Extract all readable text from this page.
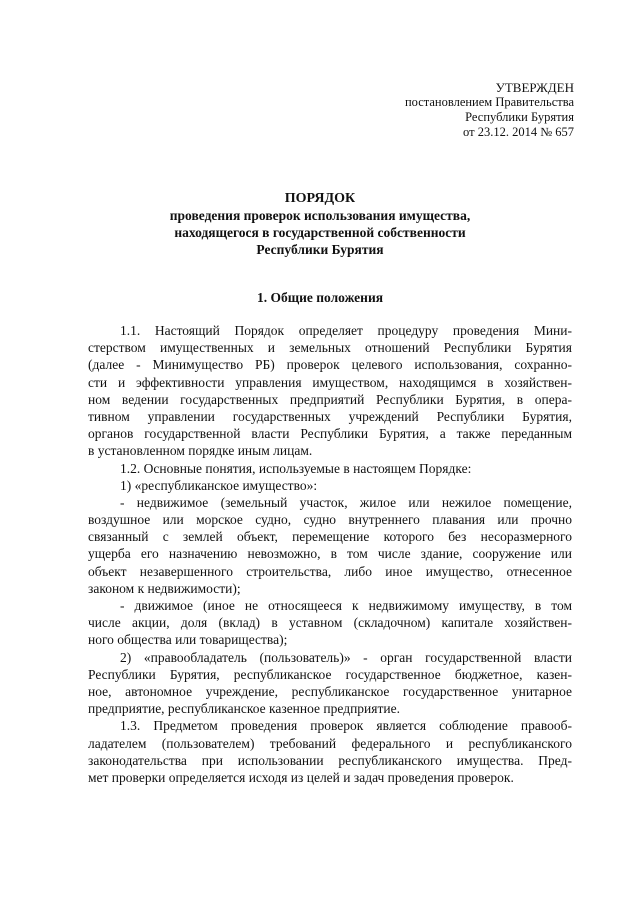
УТВЕРЖДЕН
постановлением Правительства
Республики Бурятия
от 23.12. 2014 № 657
ПОРЯДОК
проведения проверок использования имущества,
находящегося в государственной собственности
Республики Бурятия
1. Общие положения
1.1. Настоящий Порядок определяет процедуру проведения Мини-
стерством имущественных и земельных отношений Республики Бурятия
(далее - Минимущество РБ) проверок целевого использования, сохранно-
сти и эффективности управления имуществом, находящимся в хозяйствен-
ном ведении государственных предприятий Республики Бурятия, в опера-
тивном управлении государственных учреждений Республики Бурятия,
органов государственной власти Республики Бурятия, а также переданным
в установленном порядке иным лицам.
1.2. Основные понятия, используемые в настоящем Порядке:
1) «республиканское имущество»:
- недвижимое (земельный участок, жилое или нежилое помещение,
воздушное или морское судно, судно внутреннего плавания или прочно
связанный с землей объект, перемещение которого без несоразмерного
ущерба его назначению невозможно, в том числе здание, сооружение или
объект незавершенного строительства, либо иное имущество, отнесенное
законом к недвижимости);
- движимое (иное не относящееся к недвижимому имуществу, в том
числе акции, доля (вклад) в уставном (складочном) капитале хозяйствен-
ного общества или товарищества);
2) «правообладатель (пользователь)» - орган государственной власти
Республики Бурятия, республиканское государственное бюджетное, казен-
ное, автономное учреждение, республиканское государственное унитарное
предприятие, республиканское казенное предприятие.
1.3. Предметом проведения проверок является соблюдение правооб-
ладателем (пользователем) требований федерального и республиканского
законодательства при использовании республиканского имущества. Пред-
мет проверки определяется исходя из целей и задач проведения проверок.
